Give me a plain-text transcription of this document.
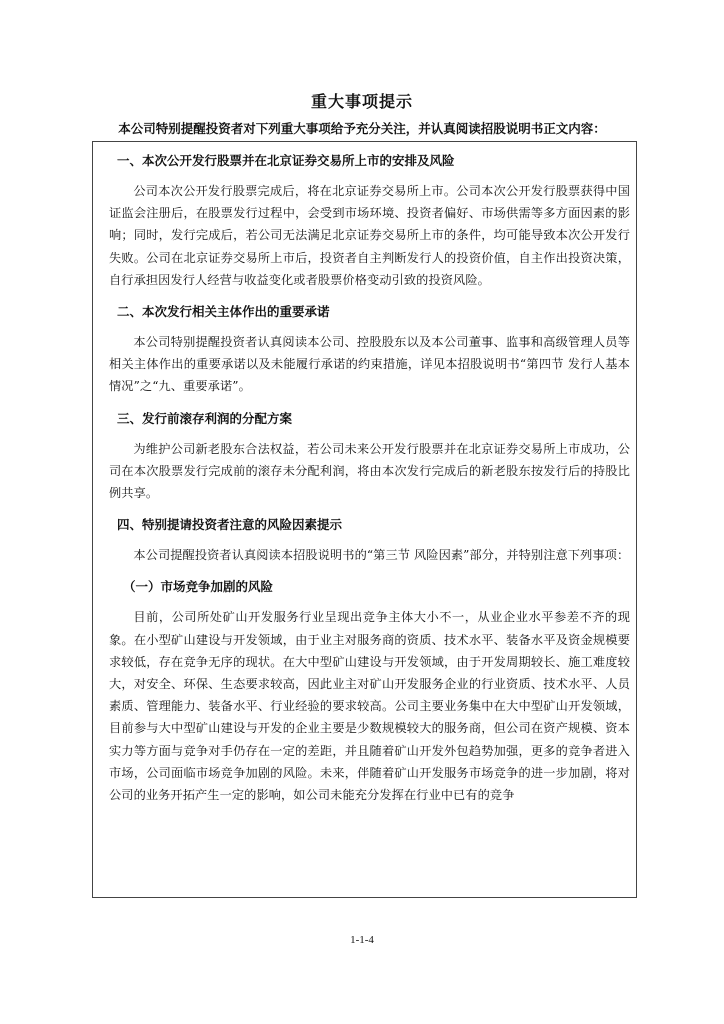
重大事项提示
本公司特别提醒投资者对下列重大事项给予充分关注，并认真阅读招股说明书正文内容：
一、本次公开发行股票并在北京证券交易所上市的安排及风险
公司本次公开发行股票完成后，将在北京证券交易所上市。公司本次公开发行股票获得中国证监会注册后，在股票发行过程中，会受到市场环境、投资者偏好、市场供需等多方面因素的影响；同时，发行完成后，若公司无法满足北京证券交易所上市的条件，均可能导致本次公开发行失败。公司在北京证券交易所上市后，投资者自主判断发行人的投资价值，自主作出投资决策，自行承担因发行人经营与收益变化或者股票价格变动引致的投资风险。
二、本次发行相关主体作出的重要承诺
本公司特别提醒投资者认真阅读本公司、控股股东以及本公司董事、监事和高级管理人员等相关主体作出的重要承诺以及未能履行承诺的约束措施，详见本招股说明书“第四节 发行人基本情况”之“九、重要承诺”。
三、发行前滚存利润的分配方案
为维护公司新老股东合法权益，若公司未来公开发行股票并在北京证券交易所上市成功，公司在本次股票发行完成前的滚存未分配利润，将由本次发行完成后的新老股东按发行后的持股比例共享。
四、特别提请投资者注意的风险因素提示
本公司提醒投资者认真阅读本招股说明书的“第三节 风险因素”部分，并特别注意下列事项：
（一）市场竞争加剧的风险
目前，公司所处矿山开发服务行业呈现出竞争主体大小不一，从业企业水平参差不齐的现象。在小型矿山建设与开发领域，由于业主对服务商的资质、技术水平、装备水平及资金规模要求较低，存在竞争无序的现状。在大中型矿山建设与开发领域，由于开发周期较长、施工难度较大，对安全、环保、生态要求较高，因此业主对矿山开发服务企业的行业资质、技术水平、人员素质、管理能力、装备水平、行业经验的要求较高。公司主要业务集中在大中型矿山开发领域，目前参与大中型矿山建设与开发的企业主要是少数规模较大的服务商，但公司在资产规模、资本实力等方面与竞争对手仍存在一定的差距，并且随着矿山开发外包趋势加强，更多的竞争者进入市场，公司面临市场竞争加剧的风险。未来，伴随着矿山开发服务市场竞争的进一步加剧，将对公司的业务开拓产生一定的影响，如公司未能充分发挥在行业中已有的竞争
1-1-4
